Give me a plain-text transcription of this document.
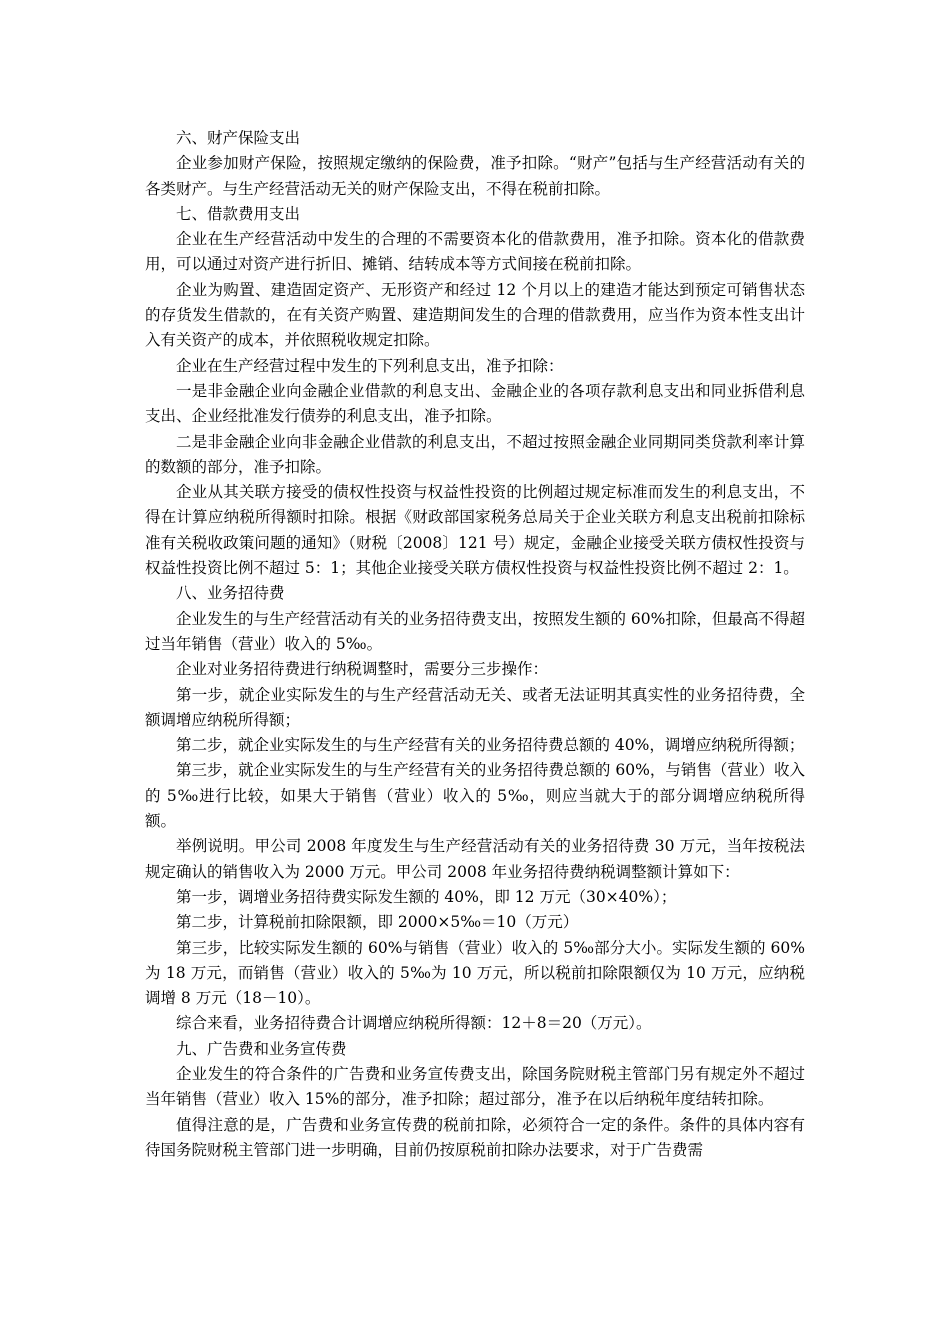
六、财产保险支出

企业参加财产保险，按照规定缴纳的保险费，准予扣除。“财产”包括与生产经营活动有关的各类财产。与生产经营活动无关的财产保险支出，不得在税前扣除。

七、借款费用支出

企业在生产经营活动中发生的合理的不需要资本化的借款费用，准予扣除。资本化的借款费用，可以通过对资产进行折旧、摊销、结转成本等方式间接在税前扣除。

企业为购置、建造固定资产、无形资产和经过 12 个月以上的建造才能达到预定可销售状态的存货发生借款的，在有关资产购置、建造期间发生的合理的借款费用，应当作为资本性支出计入有关资产的成本，并依照税收规定扣除。

企业在生产经营过程中发生的下列利息支出，准予扣除：

一是非金融企业向金融企业借款的利息支出、金融企业的各项存款利息支出和同业拆借利息支出、企业经批准发行债券的利息支出，准予扣除。

二是非金融企业向非金融企业借款的利息支出，不超过按照金融企业同期同类贷款利率计算的数额的部分，准予扣除。

企业从其关联方接受的债权性投资与权益性投资的比例超过规定标准而发生的利息支出，不得在计算应纳税所得额时扣除。根据《财政部国家税务总局关于企业关联方利息支出税前扣除标准有关税收政策问题的通知》（财税〔2008〕121 号）规定，金融企业接受关联方债权性投资与权益性投资比例不超过 5：1；其他企业接受关联方债权性投资与权益性投资比例不超过 2：1。

八、业务招待费

企业发生的与生产经营活动有关的业务招待费支出，按照发生额的 60%扣除，但最高不得超过当年销售（营业）收入的 5‰。

企业对业务招待费进行纳税调整时，需要分三步操作：

第一步，就企业实际发生的与生产经营活动无关、或者无法证明其真实性的业务招待费，全额调增应纳税所得额；

第二步，就企业实际发生的与生产经营有关的业务招待费总额的 40%，调增应纳税所得额；

第三步，就企业实际发生的与生产经营有关的业务招待费总额的 60%，与销售（营业）收入的 5‰进行比较，如果大于销售（营业）收入的 5‰，则应当就大于的部分调增应纳税所得额。

举例说明。甲公司 2008 年度发生与生产经营活动有关的业务招待费 30 万元，当年按税法规定确认的销售收入为 2000 万元。甲公司 2008 年业务招待费纳税调整额计算如下：

第一步，调增业务招待费实际发生额的 40%，即 12 万元（30×40%）；

第二步，计算税前扣除限额，即 2000×5‰＝10（万元）

第三步，比较实际发生额的 60%与销售（营业）收入的 5‰部分大小。实际发生额的 60%为 18 万元，而销售（营业）收入的 5‰为 10 万元，所以税前扣除限额仅为 10 万元，应纳税调增 8 万元（18－10）。

综合来看，业务招待费合计调增应纳税所得额：12＋8＝20（万元）。

九、广告费和业务宣传费

企业发生的符合条件的广告费和业务宣传费支出，除国务院财税主管部门另有规定外不超过当年销售（营业）收入 15%的部分，准予扣除；超过部分，准予在以后纳税年度结转扣除。

值得注意的是，广告费和业务宣传费的税前扣除，必须符合一定的条件。条件的具体内容有待国务院财税主管部门进一步明确，目前仍按原税前扣除办法要求，对于广告费需
